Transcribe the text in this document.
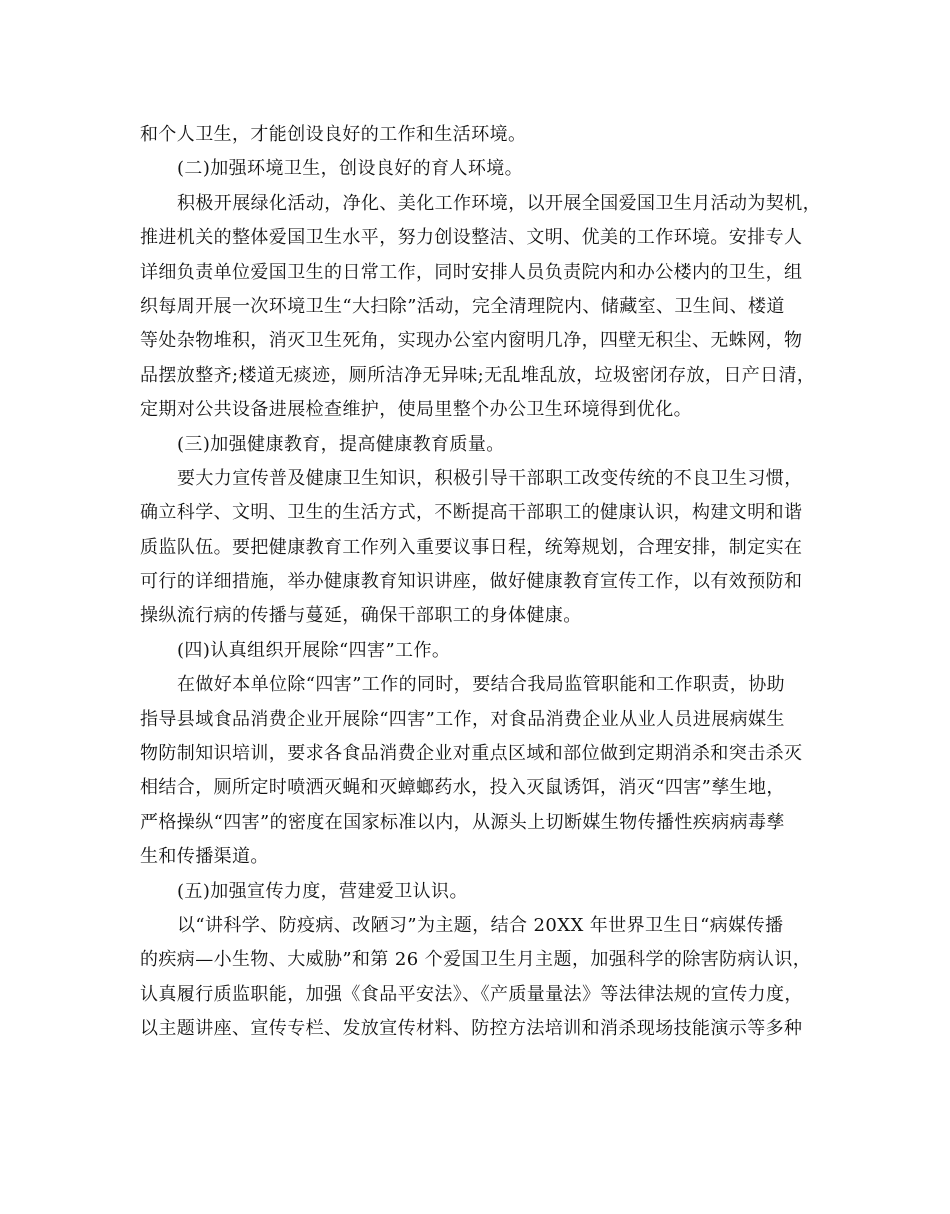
和个人卫生，才能创设良好的工作和生活环境。
(二)加强环境卫生，创设良好的育人环境。
积极开展绿化活动，净化、美化工作环境，以开展全国爱国卫生月活动为契机，
推进机关的整体爱国卫生水平，努力创设整洁、文明、优美的工作环境。安排专人
详细负责单位爱国卫生的日常工作，同时安排人员负责院内和办公楼内的卫生，组
织每周开展一次环境卫生“大扫除”活动，完全清理院内、储藏室、卫生间、楼道
等处杂物堆积，消灭卫生死角，实现办公室内窗明几净，四壁无积尘、无蛛网，物
品摆放整齐;楼道无痰迹，厕所洁净无异味;无乱堆乱放，垃圾密闭存放，日产日清，
定期对公共设备进展检查维护，使局里整个办公卫生环境得到优化。
(三)加强健康教育，提高健康教育质量。
要大力宣传普及健康卫生知识，积极引导干部职工改变传统的不良卫生习惯，
确立科学、文明、卫生的生活方式，不断提高干部职工的健康认识，构建文明和谐
质监队伍。要把健康教育工作列入重要议事日程，统筹规划，合理安排，制定实在
可行的详细措施，举办健康教育知识讲座，做好健康教育宣传工作，以有效预防和
操纵流行病的传播与蔓延，确保干部职工的身体健康。
(四)认真组织开展除“四害”工作。
在做好本单位除“四害”工作的同时，要结合我局监管职能和工作职责，协助
指导县域食品消费企业开展除“四害”工作，对食品消费企业从业人员进展病媒生
物防制知识培训，要求各食品消费企业对重点区域和部位做到定期消杀和突击杀灭
相结合，厕所定时喷洒灭蝇和灭蟑螂药水，投入灭鼠诱饵，消灭“四害”孳生地，
严格操纵“四害”的密度在国家标准以内，从源头上切断媒生物传播性疾病病毒孳
生和传播渠道。
(五)加强宣传力度，营建爱卫认识。
以“讲科学、防疫病、改陋习”为主题，结合 20XX 年世界卫生日“病媒传播
的疾病—小生物、大威胁”和第 26 个爱国卫生月主题，加强科学的除害防病认识，
认真履行质监职能，加强《食品平安法》、《产质量量法》等法律法规的宣传力度，
以主题讲座、宣传专栏、发放宣传材料、防控方法培训和消杀现场技能演示等多种
